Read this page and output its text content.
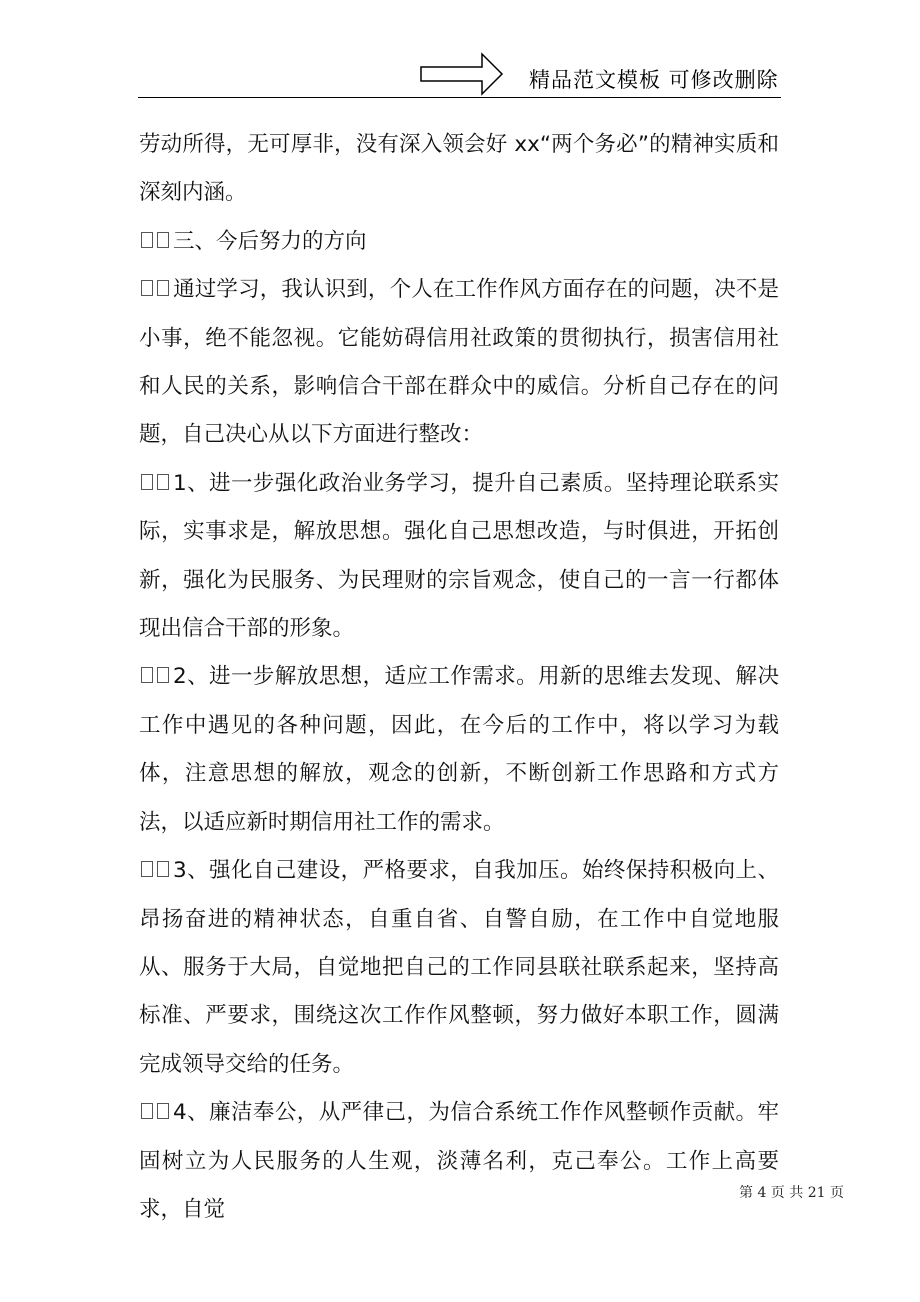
精品范文模板 可修改删除

劳动所得，无可厚非，没有深入领会好 xx“两个务必”的精神实质和深刻内涵。

三、今后努力的方向

通过学习，我认识到，个人在工作作风方面存在的问题，决不是小事，绝不能忽视。它能妨碍信用社政策的贯彻执行，损害信用社和人民的关系，影响信合干部在群众中的威信。分析自己存在的问题，自己决心从以下方面进行整改：

1、进一步强化政治业务学习，提升自己素质。坚持理论联系实际，实事求是，解放思想。强化自己思想改造，与时俱进，开拓创新，强化为民服务、为民理财的宗旨观念，使自己的一言一行都体现出信合干部的形象。

2、进一步解放思想，适应工作需求。用新的思维去发现、解决工作中遇见的各种问题，因此，在今后的工作中，将以学习为载体，注意思想的解放，观念的创新，不断创新工作思路和方式方法，以适应新时期信用社工作的需求。

3、强化自己建设，严格要求，自我加压。始终保持积极向上、昂扬奋进的精神状态，自重自省、自警自励，在工作中自觉地服从、服务于大局，自觉地把自己的工作同县联社联系起来，坚持高标准、严要求，围绕这次工作作风整顿，努力做好本职工作，圆满完成领导交给的任务。

4、廉洁奉公，从严律己，为信合系统工作作风整顿作贡献。牢固树立为人民服务的人生观，淡薄名利，克己奉公。工作上高要求，自觉

第 4 页 共 21 页
